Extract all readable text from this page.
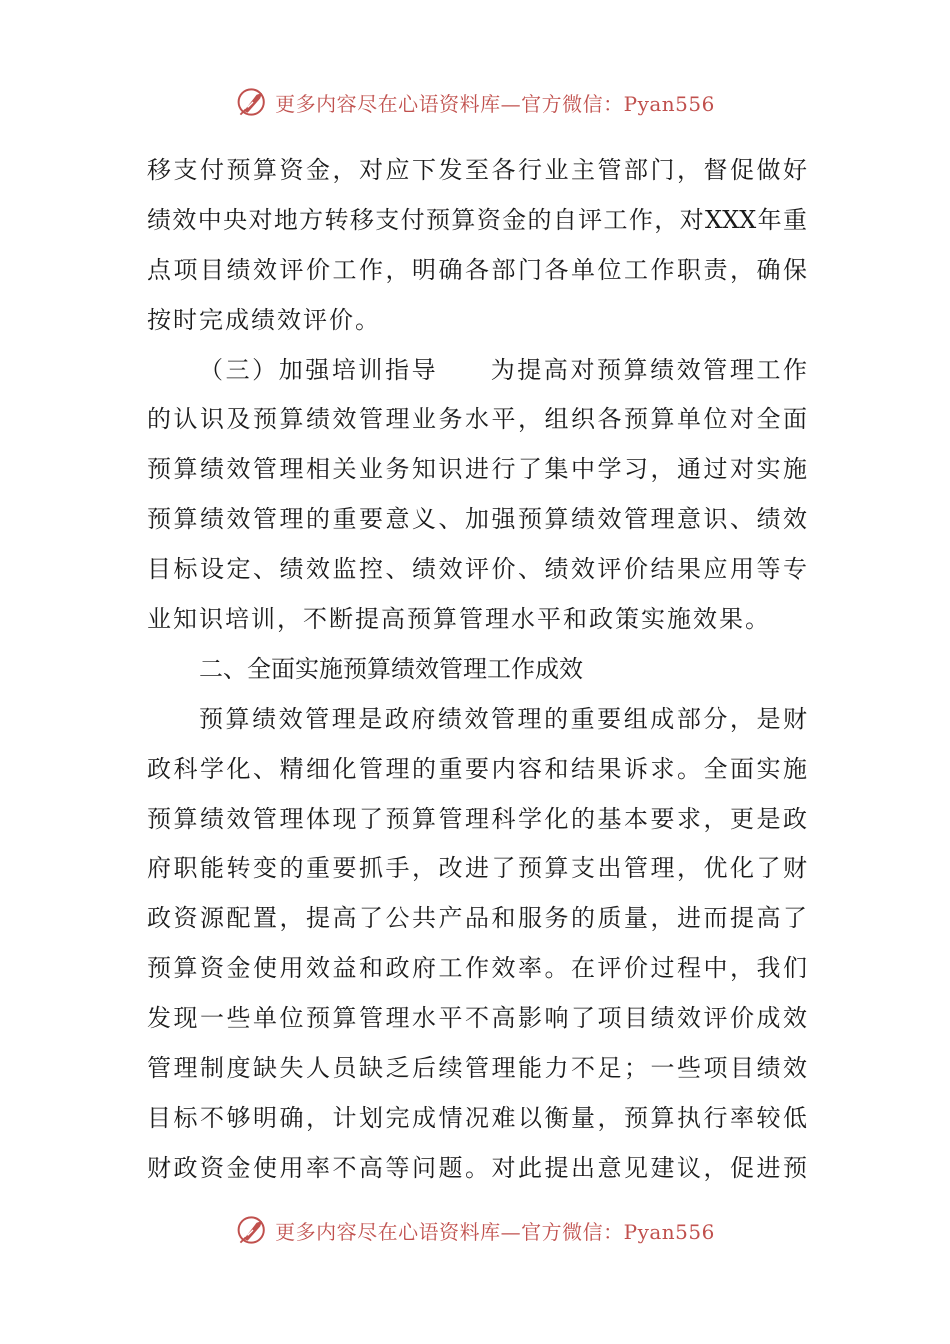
更多内容尽在心语资料库—官方微信：Pyan556
移支付预算资金，对应下发至各行业主管部门，督促做好
绩效中央对地方转移支付预算资金的自评工作，对XXX年重
点项目绩效评价工作，明确各部门各单位工作职责，确保
按时完成绩效评价。
（三）加强培训指导 为提高对预算绩效管理工作
的认识及预算绩效管理业务水平，组织各预算单位对全面
预算绩效管理相关业务知识进行了集中学习，通过对实施
预算绩效管理的重要意义、加强预算绩效管理意识、绩效
目标设定、绩效监控、绩效评价、绩效评价结果应用等专
业知识培训，不断提高预算管理水平和政策实施效果。
二、全面实施预算绩效管理工作成效
预算绩效管理是政府绩效管理的重要组成部分，是财
政科学化、精细化管理的重要内容和结果诉求。全面实施
预算绩效管理体现了预算管理科学化的基本要求，更是政
府职能转变的重要抓手，改进了预算支出管理，优化了财
政资源配置，提高了公共产品和服务的质量，进而提高了
预算资金使用效益和政府工作效率。在评价过程中，我们
发现一些单位预算管理水平不高影响了项目绩效评价成效
管理制度缺失人员缺乏后续管理能力不足；一些项目绩效
目标不够明确，计划完成情况难以衡量，预算执行率较低
财政资金使用率不高等问题。对此提出意见建议，促进预
更多内容尽在心语资料库—官方微信：Pyan556
